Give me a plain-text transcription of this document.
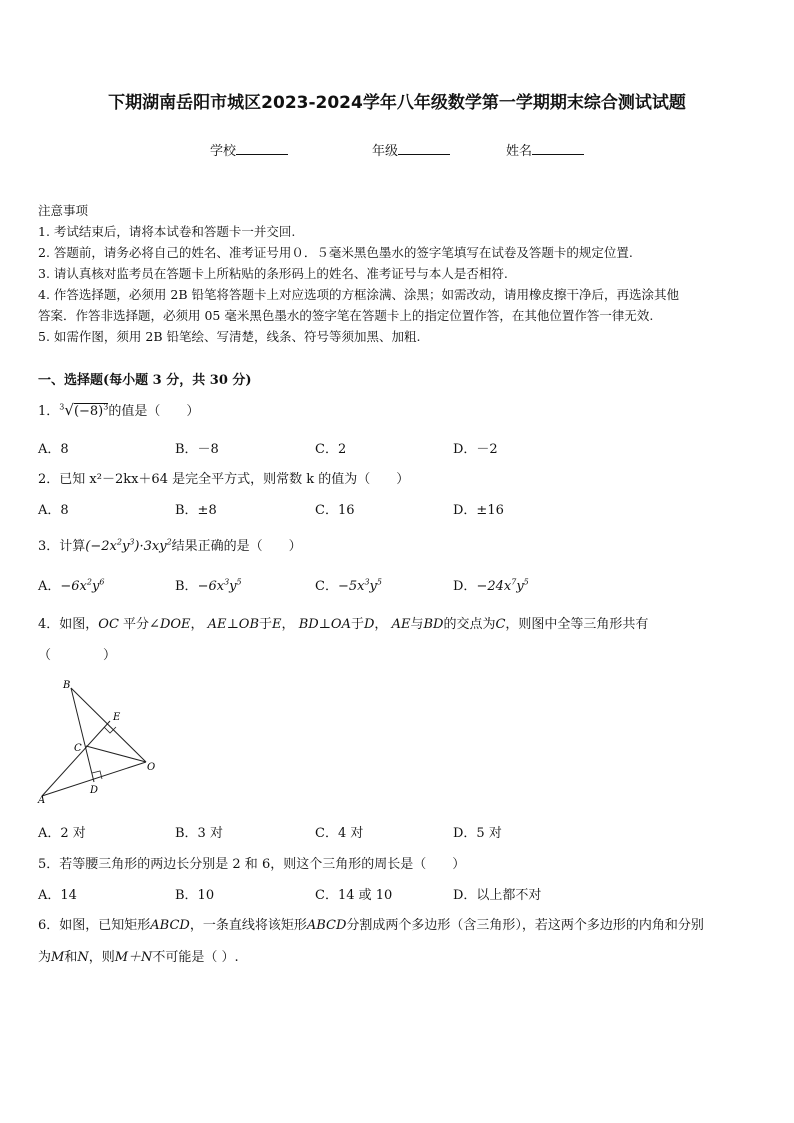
下期湖南岳阳市城区2023-2024学年八年级数学第一学期期末综合测试试题
学校	年级	姓名
注意事项
1. 考试结束后，请将本试卷和答题卡一并交回.
2. 答题前，请务必将自己的姓名、准考证号用０．５毫米黑色墨水的签字笔填写在试卷及答题卡的规定位置.
3. 请认真核对监考员在答题卡上所粘贴的条形码上的姓名、准考证号与本人是否相符.
4. 作答选择题，必须用 2B 铅笔将答题卡上对应选项的方框涂满、涂黑；如需改动，请用橡皮擦干净后，再选涂其他
答案．作答非选择题，必须用 05 毫米黑色墨水的签字笔在答题卡上的指定位置作答，在其他位置作答一律无效.
5. 如需作图，须用 2B 铅笔绘、写清楚，线条、符号等须加黑、加粗.
一、选择题(每小题 3 分，共 30 分)
1．$^3√(-8)^3$的值是（　　）
A．8	B．－8	C．2	D．－2
2．已知 x²－2kx＋64 是完全平方式，则常数 k 的值为（　　）
A．8	B．±8	C．16	D．±16
3．计算$(-2x^2y^3)\cdot 3xy^2$结果正确的是（　　）
A．$-6x^2y^6$	B．$-6x^3y^5$	C．$-5x^3y^5$	D．$-24x^7y^5$
4．如图，OC 平分∠DOE， AE⊥OB于E， BD⊥OA于D， AE与BD的交点为C，则图中全等三角形共有
（　　　　）
B
E
C
O
A
D
A．2 对	B．3 对	C．4 对	D．5 对
5．若等腰三角形的两边长分别是 2 和 6，则这个三角形的周长是（　　）
A．14	B．10	C．14 或 10	D．以上都不对
6．如图，已知矩形ABCD，一条直线将该矩形ABCD分割成两个多边形（含三角形），若这两个多边形的内角和分别
为M和N，则M＋N不可能是（ ）.
